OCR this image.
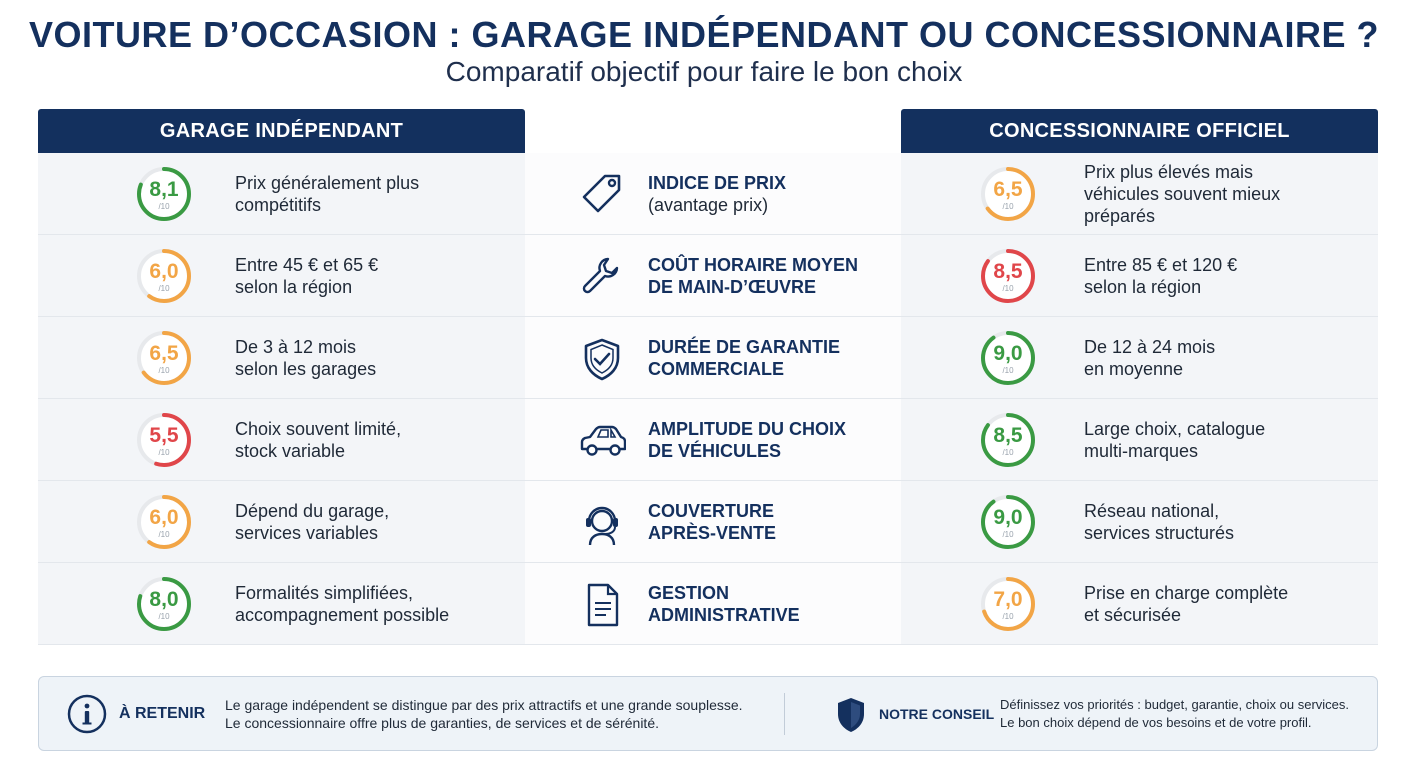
VOITURE D’OCCASION : GARAGE INDÉPENDANT OU CONCESSIONNAIRE ?
Comparatif objectif pour faire le bon choix
GARAGE INDÉPENDANT	CONCESSIONNAIRE OFFICIEL
8,1
/10
Prix généralement plus
compétitifs
INDICE DE PRIX
(avantage prix)
6,5
/10
Prix plus élevés mais
véhicules souvent mieux
préparés
6,0
/10
Entre 45 € et 65 €
selon la région
COÛT HORAIRE MOYEN
DE MAIN-D’ŒUVRE
8,5
/10
Entre 85 € et 120 €
selon la région
6,5
/10
De 3 à 12 mois
selon les garages
DURÉE DE GARANTIE
COMMERCIALE
9,0
/10
De 12 à 24 mois
en moyenne
5,5
/10
Choix souvent limité,
stock variable
AMPLITUDE DU CHOIX
DE VÉHICULES
8,5
/10
Large choix, catalogue
multi-marques
6,0
/10
Dépend du garage,
services variables
COUVERTURE
APRÈS-VENTE
9,0
/10
Réseau national,
services structurés
8,0
/10
Formalités simplifiées,
accompagnement possible
GESTION
ADMINISTRATIVE
7,0
/10
Prise en charge complète
et sécurisée
À RETENIR Le garage indépendent se distingue par des prix attractifs et une grande souplesse.
Le concessionnaire offre plus de garanties, de services et de sérénité.
NOTRE CONSEIL
Définissez vos priorités : budget, garantie, choix ou services.
Le bon choix dépend de vos besoins et de votre profil.
